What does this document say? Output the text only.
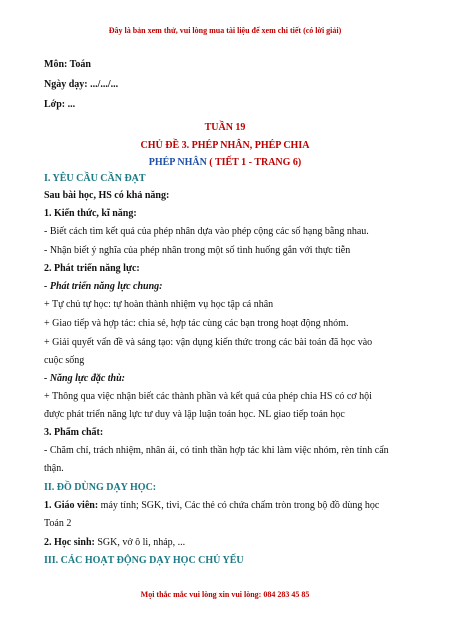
Đây là bản xem thử, vui lòng mua tài liệu để xem chi tiết (có lời giải)
Môn: Toán
Ngày dạy: .../.../...
Lớp: ...
TUẦN 19
CHỦ ĐỀ 3. PHÉP NHÂN, PHÉP CHIA
PHÉP NHÂN ( TIẾT 1 - TRANG 6)
I. YÊU CẦU CẦN ĐẠT
Sau bài học, HS có khả năng:
1. Kiến thức, kĩ năng:
- Biết cách tìm kết quả của phép nhân dựa vào phép cộng các số hạng bằng nhau.
- Nhận biết ý nghĩa của phép nhân trong một số tình huống gắn với thực tiễn
2. Phát triển năng lực:
- Phát triển năng lực chung:
+ Tự chủ tự học: tự hoàn thành nhiệm vụ học tập cá nhân
+ Giao tiếp và hợp tác: chia sẻ, hợp tác cùng các bạn trong hoạt động nhóm.
+ Giải quyết vấn đề và sáng tạo: vận dụng kiến thức trong các bài toán đã học vào
cuộc sống
- Năng lực đặc thù:
+ Thông qua việc nhận biết các thành phần và kết quả của phép chia HS có cơ hội
được phát triển năng lực tư duy và lập luận toán học. NL giao tiếp toán học
3. Phẩm chất:
- Chăm chỉ, trách nhiệm, nhân ái, có tinh thần hợp tác khi làm việc nhóm, rèn tính cẩn
thận.
II. ĐỒ DÙNG DẠY HỌC:
1. Giáo viên: máy tính; SGK, tivi, Các thẻ có chứa chấm tròn trong bộ đồ dùng học
Toán 2
2. Học sinh: SGK, vở ô li, nháp, ...
III. CÁC HOẠT ĐỘNG DẠY HỌC CHỦ YẾU
Mọi thắc mắc vui lòng xin vui lòng: 084 283 45 85
